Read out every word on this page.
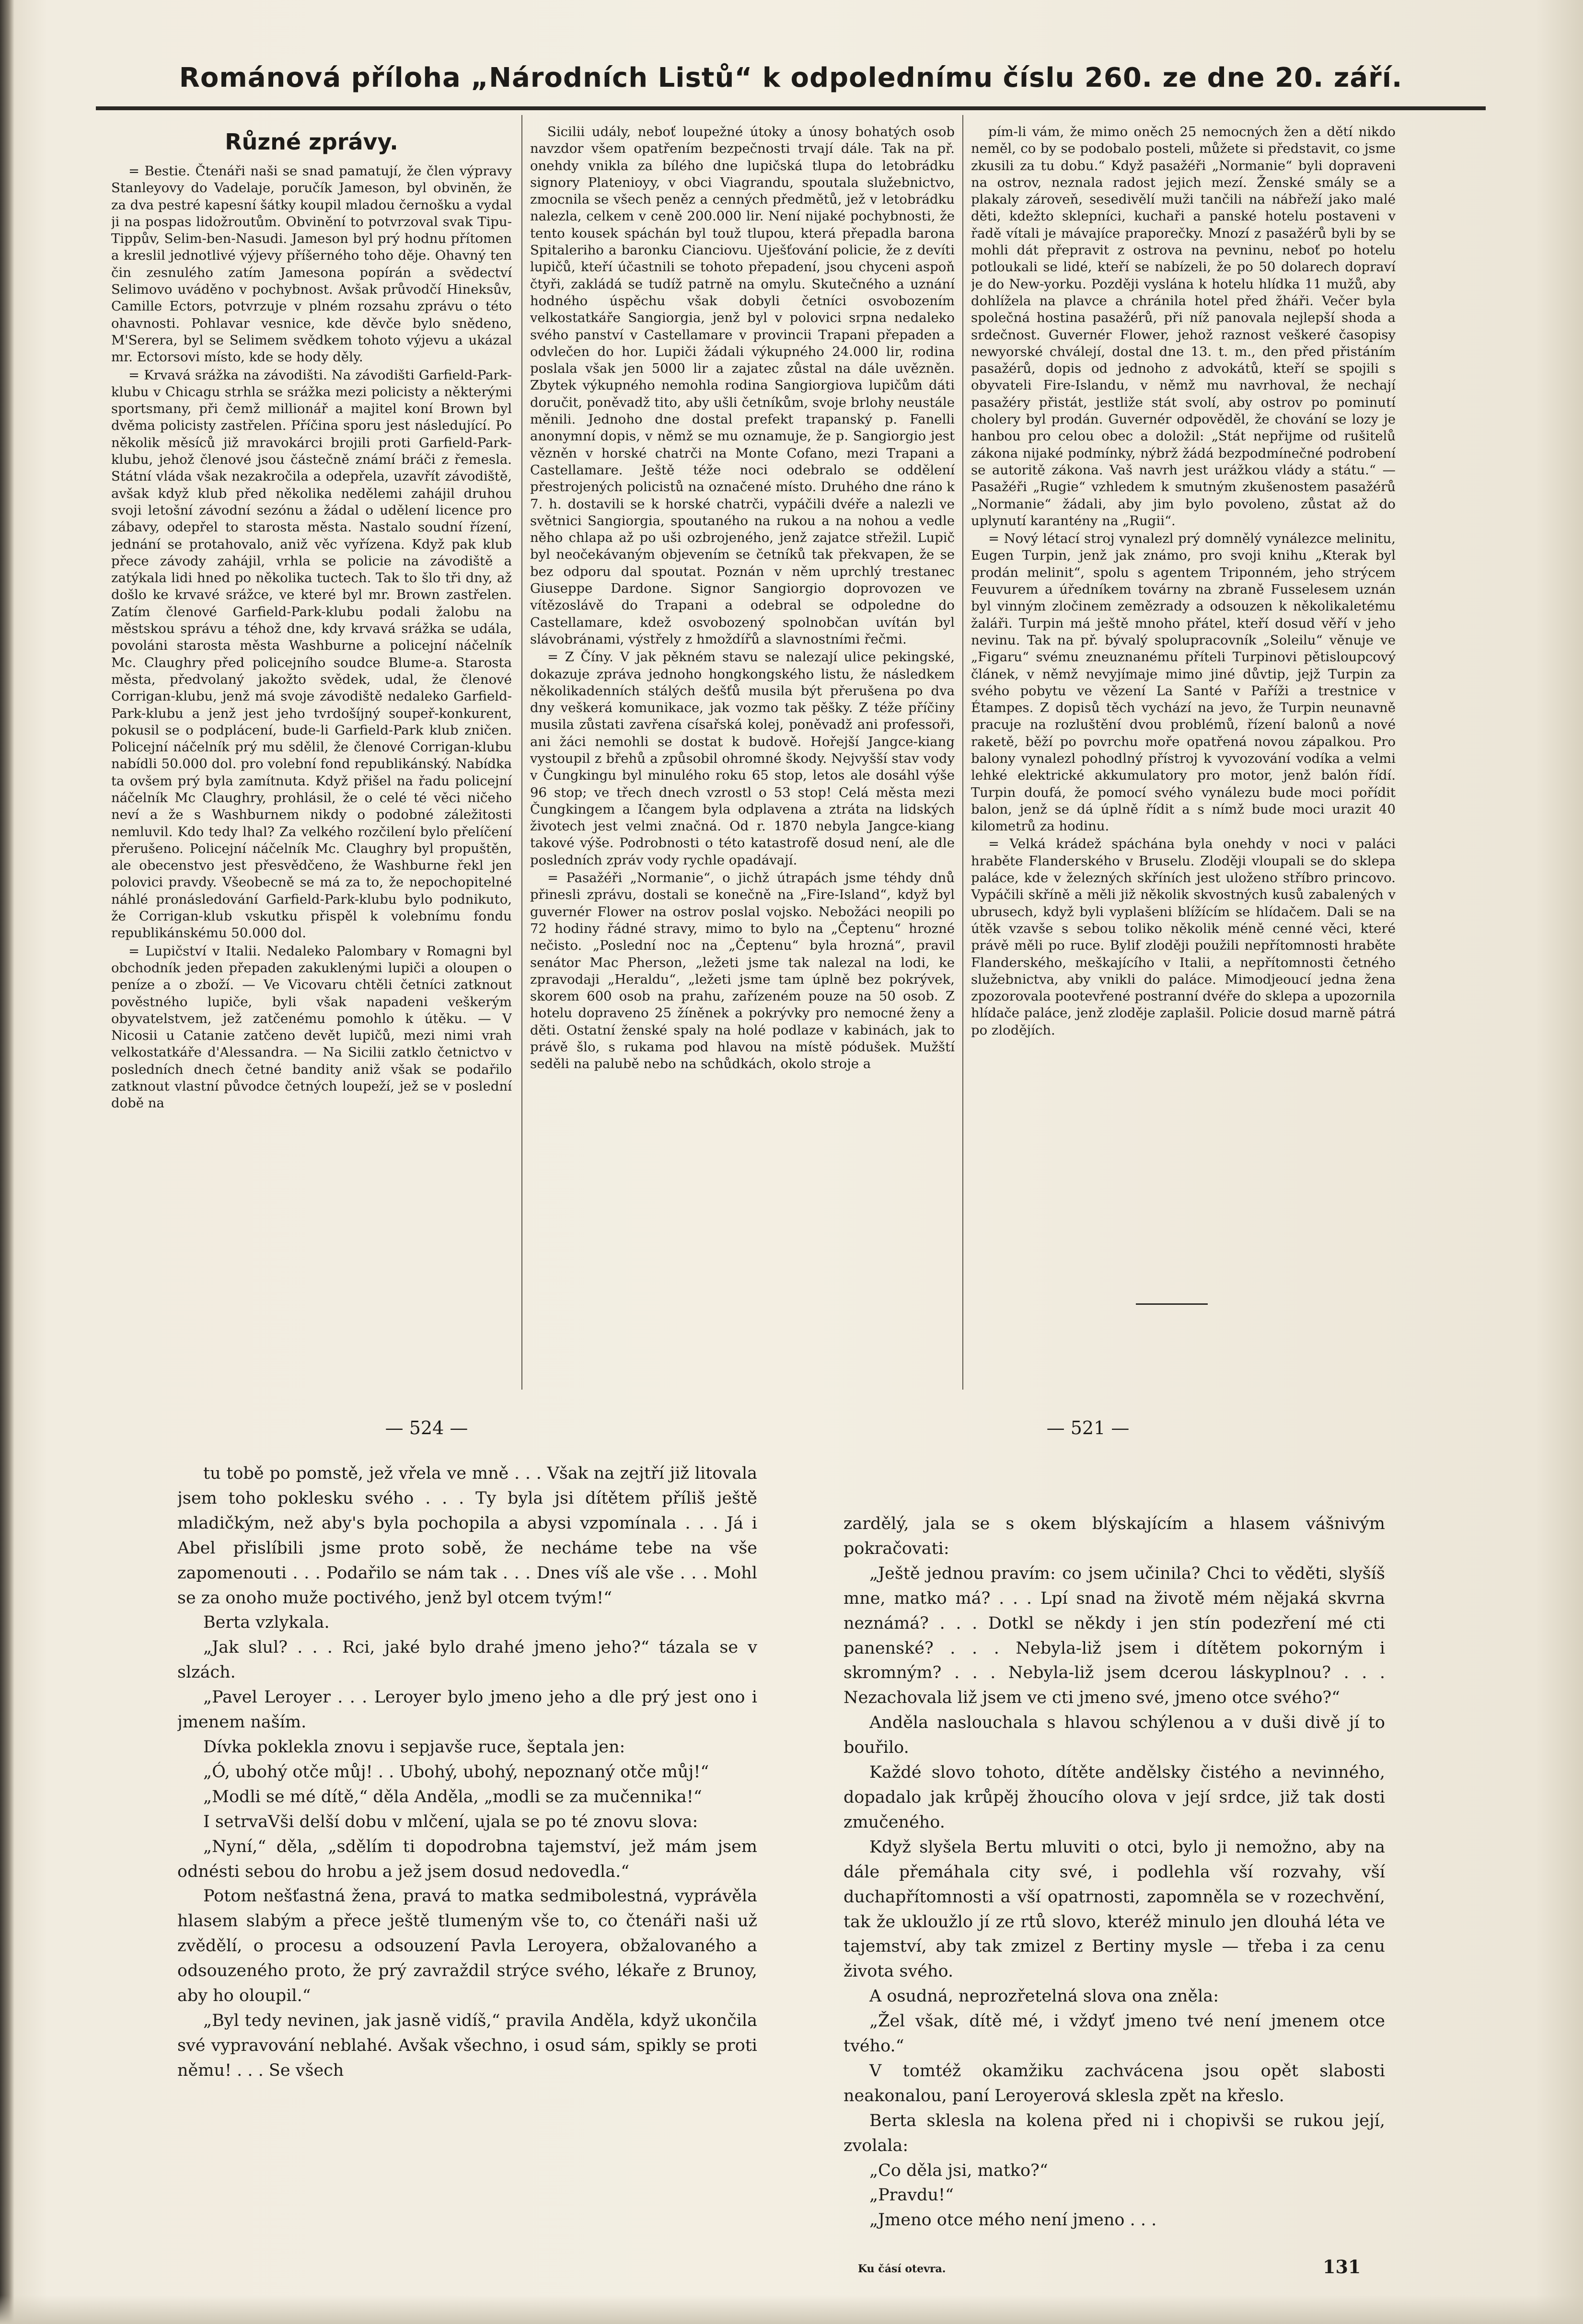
Románová příloha „Národních Listů“ k odpolednímu číslu 260. ze dne 20. září.
Různé zprávy.

= Bestie. Čtenáři naši se snad pamatují, že člen výpravy Stanleyovy do Vadelaje, poručík Jameson, byl obviněn, že za dva pestré kapesní šátky koupil mladou černošku a vydal ji na pospas lidožroutům. Obvinění to potvrzoval svak Tipu-Tippův, Selim-ben-Nasudi. Jameson byl prý hodnu přítomen a kreslil jednotlivé výjevy příšerného toho děje. Ohavný ten čin zesnulého zatím Jamesona popírán a svědectví Selimovo uváděno v pochybnost. Avšak průvodčí Hineksův, Camille Ectors, potvrzuje v plném rozsahu zprávu o této ohavnosti. Pohlavar vesnice, kde děvče bylo snědeno, M'Serera, byl se Selimem svědkem tohoto výjevu a ukázal mr. Ectorsovi místo, kde se hody děly.

= Krvavá srážka na závodišti. Na závodišti Garfield-Park-klubu v Chicagu strhla se srážka mezi policisty a některými sportsmany, při čemž millionář a majitel koní Brown byl dvěma policisty zastřelen. Příčina sporu jest následující. Po několik měsíců již mravokárci brojili proti Garfield-Park-klubu, jehož členové jsou částečně známí bráči z řemesla. Státní vláda však nezakročila a odepřela, uzavřít závodiště, avšak když klub před několika nedělemi zahájil druhou svoji letošní závodní sezónu a žádal o udělení licence pro zábavy, odepřel to starosta města. Nastalo soudní řízení, jednání se protahovalo, aniž věc vyřízena. Když pak klub přece závody zahájil, vrhla se policie na závodiště a zatýkala lidi hned po několika tuctech. Tak to šlo tři dny, až došlo ke krvavé srážce, ve které byl mr. Brown zastřelen. Zatím členové Garfield-Park-klubu podali žalobu na městskou správu a téhož dne, kdy krvavá srážka se udála, povoláni starosta města Washburne a policejní náčelník Mc. Claughry před policejního soudce Blume-a. Starosta města, předvolaný jakožto svědek, udal, že členové Corrigan-klubu, jenž má svoje závodiště nedaleko Garfield-Park-klubu a jenž jest jeho tvrdošíjný soupeř-konkurent, pokusil se o podplácení, bude-li Garfield-Park klub zničen. Policejní náčelník prý mu sdělil, že členové Corrigan-klubu nabídli 50.000 dol. pro volební fond republikánský. Nabídka ta ovšem prý byla zamítnuta. Když přišel na řadu policejní náčelník Mc Claughry, prohlásil, že o celé té věci ničeho neví a že s Washburnem nikdy o podobné záležitosti nemluvil. Kdo tedy lhal? Za velkého rozčilení bylo přelíčení přerušeno. Policejní náčelník Mc. Claughry byl propuštěn, ale obecenstvo jest přesvědčeno, že Washburne řekl jen polovici pravdy. Všeobecně se má za to, že nepochopitelné náhlé pronásledování Garfield-Park-klubu bylo podnikuto, že Corrigan-klub vskutku přispěl k volebnímu fondu republikánskému 50.000 dol.

= Lupičství v Italii. Nedaleko Palombary v Romagni byl obchodník jeden přepaden zakuklenými lupiči a oloupen o peníze a o zboží. — Ve Vicovaru chtěli četníci zatknout pověstného lupiče, byli však napadeni veškerým obyvatelstvem, jež zatčenému pomohlo k útěku. — V Nicosii u Catanie zatčeno devět lupičů, mezi nimi vrah velkostatkáře d'Alessandra. — Na Sicilii zatklo četnictvo v posledních dnech četné bandity aniž však se podařilo zatknout vlastní původce četných loupeží, jež se v poslední době na

Sicilii udály, neboť loupežné útoky a únosy bohatých osob navzdor všem opatřením bezpečnosti trvají dále. Tak na př. onehdy vnikla za bílého dne lupičská tlupa do letobrádku signory Platenioyy, v obci Viagrandu, spoutala služebnictvo, zmocnila se všech peněz a cenných předmětů, jež v letobrádku nalezla, celkem v ceně 200.000 lir. Není nijaké pochybnosti, že tento kousek spáchán byl touž tlupou, která přepadla barona Spitaleriho a baronku Cianciovu. Uješťování policie, že z devíti lupičů, kteří účastnili se tohoto přepadení, jsou chyceni aspoň čtyři, zakládá se tudíž patrně na omylu. Skutečného a uznání hodného úspěchu však dobyli četníci osvobozením velkostatkáře Sangiorgia, jenž byl v polovici srpna nedaleko svého panství v Castellamare v provincii Trapani přepaden a odvlečen do hor. Lupiči žádali výkupného 24.000 lir, rodina poslala však jen 5000 lir a zajatec zůstal na dále uvězněn. Zbytek výkupného nemohla rodina Sangiorgiova lupičům dáti doručit, poněvadž tito, aby ušli četníkům, svoje brlohy neustále měnili. Jednoho dne dostal prefekt trapanský p. Fanelli anonymní dopis, v němž se mu oznamuje, že p. Sangiorgio jest vězněn v horské chatrči na Monte Cofano, mezi Trapani a Castellamare. Ještě téže noci odebralo se oddělení přestrojených policistů na označené místo. Druhého dne ráno k 7. h. dostavili se k horské chatrči, vypáčili dvéře a nalezli ve světnici Sangiorgia, spoutaného na rukou a na nohou a vedle něho chlapa až po uši ozbrojeného, jenž zajatce střežil. Lupič byl neočekávaným objevením se četníků tak překvapen, že se bez odporu dal spoutat. Poznán v něm uprchlý trestanec Giuseppe Dardone. Signor Sangiorgio doprovozen ve vítězoslávě do Trapani a odebral se odpoledne do Castellamare, kdež osvobozený spolnobčan uvítán byl slávobránami, výstřely z hmoždířů a slavnostními řečmi.

= Z Číny. V jak pěkném stavu se nalezají ulice pekingské, dokazuje zpráva jednoho hongkongského listu, že následkem několikadenních stálých dešťů musila být přerušena po dva dny veškerá komunikace, jak vozmo tak pěšky. Z téže příčiny musila zůstati zavřena císařská kolej, poněvadž ani professoři, ani žáci nemohli se dostat k budově. Hořejší Jangce-kiang vystoupil z břehů a způsobil ohromné škody. Nejvyšší stav vody v Čungkingu byl minulého roku 65 stop, letos ale dosáhl výše 96 stop; ve třech dnech vzrostl o 53 stop! Celá města mezi Čungkingem a Ičangem byla odplavena a ztráta na lidských životech jest velmi značná. Od r. 1870 nebyla Jangce-kiang takové výše. Podrobnosti o této katastrofě dosud není, ale dle posledních zpráv vody rychle opadávají.

= Pasažéři „Normanie“, o jichž útrapách jsme téhdy dnů přinesli zprávu, dostali se konečně na „Fire-Island“, když byl guvernér Flower na ostrov poslal vojsko. Nebožáci neopili po 72 hodiny řádné stravy, mimo to bylo na „Čeptenu“ hrozné nečisto. „Poslední noc na „Čeptenu“ byla hrozná“, pravil senátor Mac Pherson, „ležeti jsme tak nalezal na lodi, ke zpravodaji „Heraldu“, „ležeti jsme tam úplně bez pokrývek, skorem 600 osob na prahu, zařízeném pouze na 50 osob. Z hotelu dopraveno 25 žíněnek a pokrývky pro nemocné ženy a děti. Ostatní ženské spaly na holé podlaze v kabinách, jak to právě šlo, s rukama pod hlavou na místě pódušek. Mužští seděli na palubě nebo na schůdkách, okolo stroje a

pím-li vám, že mimo oněch 25 nemocných žen a dětí nikdo neměl, co by se podobalo posteli, můžete si představit, co jsme zkusili za tu dobu.“ Když pasažéři „Normanie“ byli dopraveni na ostrov, neznala radost jejich mezí. Ženské smály se a plakaly zároveň, sesedivělí muži tančili na nábřeží jako malé děti, kdežto sklepníci, kuchaři a panské hotelu postaveni v řadě vítali je mávajíce praporečky. Mnozí z pasažérů byli by se mohli dát přepravit z ostrova na pevninu, neboť po hotelu potloukali se lidé, kteří se nabízeli, že po 50 dolarech dopraví je do New-yorku. Později vyslána k hotelu hlídka 11 mužů, aby dohlížela na plavce a chránila hotel před žháři. Večer byla společná hostina pasažérů, při níž panovala nejlepší shoda a srdečnost. Guvernér Flower, jehož raznost veškeré časopisy newyorské chválejí, dostal dne 13. t. m., den před přistáním pasažérů, dopis od jednoho z advokátů, kteří se spojili s obyvateli Fire-Islandu, v němž mu navrhoval, že nechají pasažéry přistát, jestliže stát svolí, aby ostrov po pominutí cholery byl prodán. Guvernér odpověděl, že chování se lozy je hanbou pro celou obec a doložil: „Stát nepřijme od rušitelů zákona nijaké podmínky, nýbrž žádá bezpodmínečné podrobení se autoritě zákona. Vaš navrh jest urážkou vlády a státu.“ — Pasažéři „Rugie“ vzhledem k smutným zkušenostem pasažérů „Normanie“ žádali, aby jim bylo povoleno, zůstat až do uplynutí karantény na „Rugii“.

= Nový létací stroj vynalezl prý domnělý vynálezce melinitu, Eugen Turpin, jenž jak známo, pro svoji knihu „Kterak byl prodán melinit“, spolu s agentem Triponném, jeho strýcem Feuvurem a úředníkem továrny na zbraně Fusselesem uznán byl vinným zločinem zemězrady a odsouzen k několikaletému žaláři. Turpin má ještě mnoho přátel, kteří dosud věří v jeho nevinu. Tak na př. bývalý spolupracovník „Soleilu“ věnuje ve „Figaru“ svému zneuznanému příteli Turpinovi pětisloupcový článek, v němž nevyjímaje mimo jiné důvtip, jejž Turpin za svého pobytu ve vězení La Santé v Paříži a trestnice v Étampes. Z dopisů těch vychází na jevo, že Turpin neunavně pracuje na rozluštění dvou problémů, řízení balonů a nové raketě, běží po povrchu moře opatřená novou zápalkou. Pro balony vynalezl pohodlný přístroj k vyvozování vodíka a velmi lehké elektrické akkumulatory pro motor, jenž balón řídí. Turpin doufá, že pomocí svého vynálezu bude moci pořídit balon, jenž se dá úplně řídit a s nímž bude moci urazit 40 kilometrů za hodinu.

= Velká krádež spáchána byla onehdy v noci v paláci hraběte Flanderského v Bruselu. Zloději vloupali se do sklepa paláce, kde v železných skříních jest uloženo stříbro princovo. Vypáčili skříně a měli již několik skvostných kusů zabalených v ubrusech, když byli vyplašeni blížícím se hlídačem. Dali se na útěk vzavše s sebou toliko několik méně cenné věci, které právě měli po ruce. Bylif zloději použili nepřítomnosti hraběte Flanderského, meškajícího v Italii, a nepřítomnosti četného služebnictva, aby vnikli do paláce. Mimodjeoucí jedna žena zpozorovala pootevřené postranní dvéře do sklepa a upozornila hlídače paláce, jenž zloděje zaplašil. Policie dosud marně pátrá po zlodějích.

— 524 —	— 521 —

tu tobě po pomstě, jež vřela ve mně . . . Však na zejtří již litovala jsem toho poklesku svého . . . Ty byla jsi dítětem příliš ještě mladičkým, než aby's byla pochopila a abysi vzpomínala . . . Já i Abel přislíbili jsme proto sobě, že necháme tebe na vše zapomenouti . . . Podařilo se nám tak . . . Dnes víš ale vše . . . Mohl se za onoho muže poctivého, jenž byl otcem tvým!“

Berta vzlykala.

„Jak slul? . . . Rci, jaké bylo drahé jmeno jeho?“ tázala se v slzách.

„Pavel Leroyer . . . Leroyer bylo jmeno jeho a dle prý jest ono i jmenem naším.

Dívka poklekla znovu i sepjavše ruce, šeptala jen:

„Ó, ubohý otče můj! . . Ubohý, ubohý, nepoznaný otče můj!“

„Modli se mé dítě,“ děla Anděla, „modli se za mučennika!“

I setrvaVši delší dobu v mlčení, ujala se po té znovu slova:

„Nyní,“ děla, „sdělím ti dopodrobna tajemství, jež mám jsem odnésti sebou do hrobu a jež jsem dosud nedovedla.“

Potom nešťastná žena, pravá to matka sedmibolestná, vyprávěla hlasem slabým a přece ještě tlumeným vše to, co čtenáři naši už zvědělí, o procesu a odsouzení Pavla Leroyera, obžalovaného a odsouzeného proto, že prý zavraždil strýce svého, lékaře z Brunoy, aby ho oloupil.“

„Byl tedy nevinen, jak jasně vidíš,“ pravila Anděla, když ukončila své vypravování neblahé. Avšak všechno, i osud sám, spikly se proti němu! . . . Se všech

zardělý, jala se s okem blýskajícím a hlasem vášnivým pokračovati:

„Ještě jednou pravím: co jsem učinila? Chci to věděti, slyšíš mne, matko má? . . . Lpí snad na životě mém nějaká skvrna neznámá? . . . Dotkl se někdy i jen stín podezření mé cti panenské? . . . Nebyla-liž jsem i dítětem pokorným i skromným? . . . Nebyla-liž jsem dcerou láskyplnou? . . . Nezachovala liž jsem ve cti jmeno své, jmeno otce svého?“

Anděla naslouchala s hlavou schýlenou a v duši divě jí to bouřilo.

Každé slovo tohoto, dítěte andělsky čistého a nevinného, dopadalo jak krůpěj žhoucího olova v její srdce, již tak dosti zmučeného.

Když slyšela Bertu mluviti o otci, bylo ji nemožno, aby na dále přemáhala city své, i podlehla vší rozvahy, vší duchapřítomnosti a vší opatrnosti, zapomněla se v rozechvění, tak že ukloužlo jí ze rtů slovo, kteréž minulo jen dlouhá léta ve tajemství, aby tak zmizel z Bertiny mysle — třeba i za cenu života svého.

A osudná, neprozřetelná slova ona zněla:

„Žel však, dítě mé, i vždyť jmeno tvé není jmenem otce tvého.“

V tomtéž okamžiku zachvácena jsou opět slabosti neakonalou, paní Leroyerová sklesla zpět na křeslo.

Berta sklesla na kolena před ni i chopivši se rukou její, zvolala:

„Co děla jsi, matko?“

„Pravdu!“

„Jmeno otce mého není jmeno . . .

Ku čásí otevra.	131
